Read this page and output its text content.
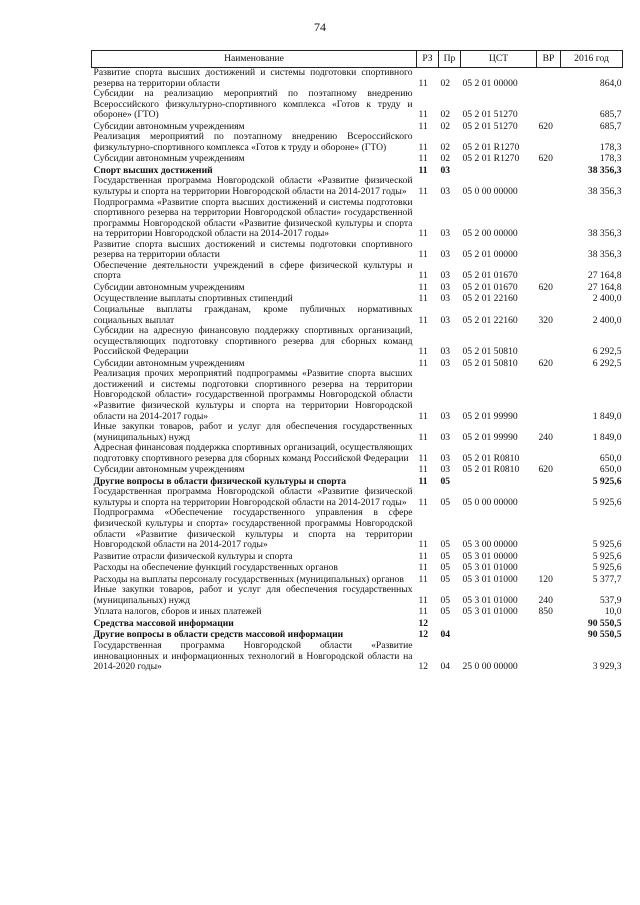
74
Наименование	РЗ	Пр	ЦСТ	ВР	2016 год
Развитие спорта высших достижений и системы подготовки спортивного резерва на территории области	11	02	05 2 01 00000		864,0
Субсидии на реализацию мероприятий по поэтапному внедрению Всероссийского физкультурно-спортивного комплекса «Готов к труду и обороне» (ГТО)	11	02	05 2 01 51270		685,7
Субсидии автономным учреждениям	11	02	05 2 01 51270	620	685,7
Реализация мероприятий по поэтапному внедрению Всероссийского физкультурно-спортивного комплекса «Готов к труду и обороне» (ГТО)	11	02	05 2 01 R1270		178,3
Субсидии автономным учреждениям	11	02	05 2 01 R1270	620	178,3
Спорт высших достижений	11	03			38 356,3
Государственная программа Новгородской области «Развитие физической культуры и спорта на территории Новгородской области на 2014-2017 годы»	11	03	05 0 00 00000		38 356,3
Подпрограмма «Развитие спорта высших достижений и системы подготовки спортивного резерва на территории Новгородской области» государственной программы Новгородской области «Развитие физической культуры и спорта на территории Новгородской области на 2014-2017 годы»	11	03	05 2 00 00000		38 356,3
Развитие спорта высших достижений и системы подготовки спортивного резерва на территории области	11	03	05 2 01 00000		38 356,3
Обеспечение деятельности учреждений в сфере физической культуры и спорта	11	03	05 2 01 01670		27 164,8
Субсидии автономным учреждениям	11	03	05 2 01 01670	620	27 164,8
Осуществление выплаты спортивных стипендий	11	03	05 2 01 22160		2 400,0
Социальные выплаты гражданам, кроме публичных нормативных социальных выплат	11	03	05 2 01 22160	320	2 400,0
Субсидии на адресную финансовую поддержку спортивных организаций, осуществляющих подготовку спортивного резерва для сборных команд Российской Федерации	11	03	05 2 01 50810		6 292,5
Субсидии автономным учреждениям	11	03	05 2 01 50810	620	6 292,5
Реализация прочих мероприятий подпрограммы «Развитие спорта высших достижений и системы подготовки спортивного резерва на территории Новгородской области» государственной программы Новгородской области «Развитие физической культуры и спорта на территории Новгородской области на 2014-2017 годы»	11	03	05 2 01 99990		1 849,0
Иные закупки товаров, работ и услуг для обеспечения государственных (муниципальных) нужд	11	03	05 2 01 99990	240	1 849,0
Адресная финансовая поддержка спортивных организаций, осуществляющих подготовку спортивного резерва для сборных команд Российской Федерации	11	03	05 2 01 R0810		650,0
Субсидии автономным учреждениям	11	03	05 2 01 R0810	620	650,0
Другие вопросы в области физической культуры и спорта	11	05			5 925,6
Государственная программа Новгородской области «Развитие физической культуры и спорта на территории Новгородской области на 2014-2017 годы»	11	05	05 0 00 00000		5 925,6
Подпрограмма «Обеспечение государственного управления в сфере физической культуры и спорта» государственной программы Новгородской области «Развитие физической культуры и спорта на территории Новгородской области на 2014-2017 годы»	11	05	05 3 00 00000		5 925,6
Развитие отрасли физической культуры и спорта	11	05	05 3 01 00000		5 925,6
Расходы на обеспечение функций государственных органов	11	05	05 3 01 01000		5 925,6
Расходы на выплаты персоналу государственных (муниципальных) органов	11	05	05 3 01 01000	120	5 377,7
Иные закупки товаров, работ и услуг для обеспечения государственных (муниципальных) нужд	11	05	05 3 01 01000	240	537,9
Уплата налогов, сборов и иных платежей	11	05	05 3 01 01000	850	10,0
Средства массовой информации	12				90 550,5
Другие вопросы в области средств массовой информации	12	04			90 550,5
Государственная программа Новгородской области «Развитие инновационных и информационных технологий в Новгородской области на 2014-2020 годы»	12	04	25 0 00 00000		3 929,3
